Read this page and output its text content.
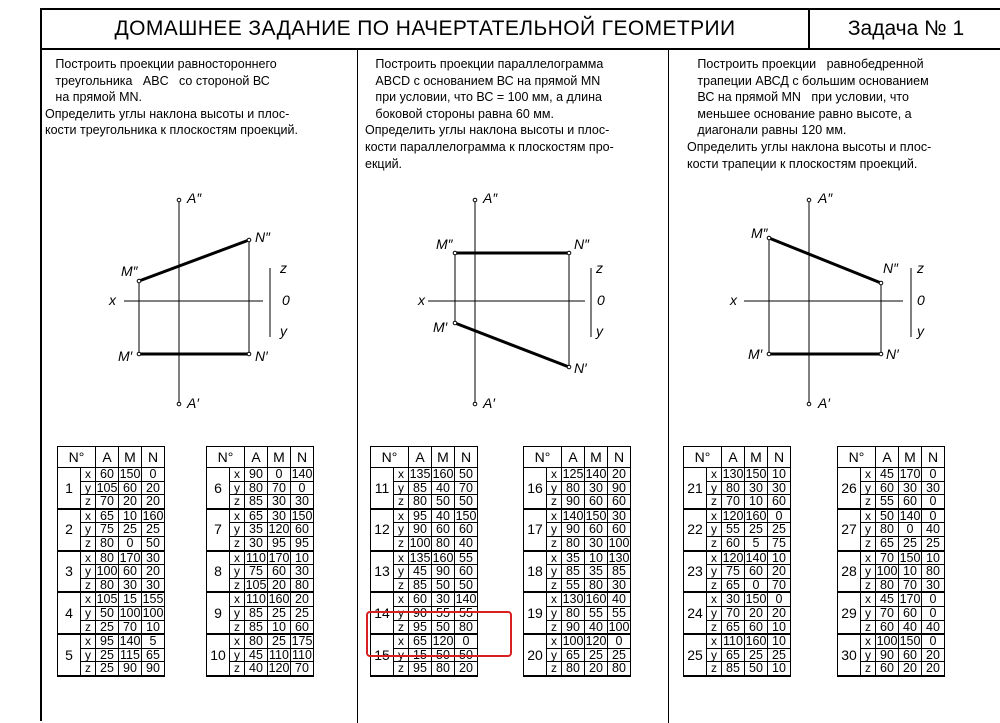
ДОМАШНЕЕ ЗАДАНИЕ ПО НАЧЕРТАТЕЛЬНОЙ ГЕОМЕТРИИ	Задача № 1
Построить проекции равностороннего
треугольника   ABC   со стороной ВС
на прямой MN.
Определить углы наклона высоты и плос-
кости треугольника к плоскостям проекций.
Построить проекции параллелограмма
ABCD с основанием ВС на прямой MN
при условии, что ВС = 100 мм, а длина
боковой стороны равна 60 мм.
Определить углы наклона высоты и плос-
кости параллелограмма к плоскостям про-
екций.
Построить проекции   равнобедренной
трапеции АВСД с большим основанием
ВС на прямой MN   при условии, что
меньшее основание равно высоте, а
диагонали равны 120 мм.
Определить углы наклона высоты и плос-
кости трапеции к плоскостям проекций.
A″
A′
M″
M′
N″
N′
x
z
0
y
A″
A′
M″
M′
N″
N′
x
z
0
y
A″
A′
M″
M′
N″
N′
x
z
0
y
N°		A	M	N
1	x	60	150	0
	y	105	60	20
	z	70	20	20
2	x	65	10	160
	y	75	25	25
	z	80	0	50
3	x	80	170	30
	y	100	60	20
	z	80	30	30
4	x	105	15	155
	y	50	100	100
	z	25	70	10
5	x	95	140	5
	y	25	115	65
	z	25	90	90
N°		A	M	N
6	x	90	0	140
	y	80	70	0
	z	85	30	30
7	x	65	30	150
	y	35	120	60
	z	30	95	95
8	x	110	170	10
	y	75	60	30
	z	105	20	80
9	x	110	160	20
	y	85	25	25
	z	85	10	60
10	x	80	25	175
	y	45	110	110
	z	40	120	70
N°		A	M	N
11	x	135	160	50
	y	85	40	70
	z	80	50	50
12	x	95	40	150
	y	90	60	60
	z	100	80	40
13	x	135	160	55
	y	45	90	60
	z	85	50	50
14	x	60	30	140
	y	90	55	55
	z	95	50	80
15	x	65	120	0
	y	15	50	50
	z	95	80	20
N°		A	M	N
16	x	125	140	20
	y	80	30	90
	z	90	60	60
17	x	140	150	30
	y	90	60	60
	z	80	30	100
18	x	35	10	130
	y	85	35	85
	z	55	80	30
19	x	130	160	40
	y	80	55	55
	z	90	40	100
20	x	100	120	0
	y	65	25	25
	z	80	20	80
N°		A	M	N
21	x	130	150	10
	y	80	30	30
	z	70	10	60
22	x	120	160	0
	y	55	25	25
	z	60	5	75
23	x	120	140	10
	y	75	60	20
	z	65	0	70
24	x	30	150	0
	y	70	20	20
	z	65	60	10
25	x	110	160	10
	y	65	25	25
	z	85	50	10
N°		A	M	N
26	x	45	170	0
	y	60	30	30
	z	55	60	0
27	x	50	140	0
	y	80	0	40
	z	65	25	25
28	x	70	150	10
	y	100	10	80
	z	80	70	30
29	x	45	170	0
	y	70	60	0
	z	60	40	40
30	x	100	150	0
	y	90	60	20
	z	60	20	20
